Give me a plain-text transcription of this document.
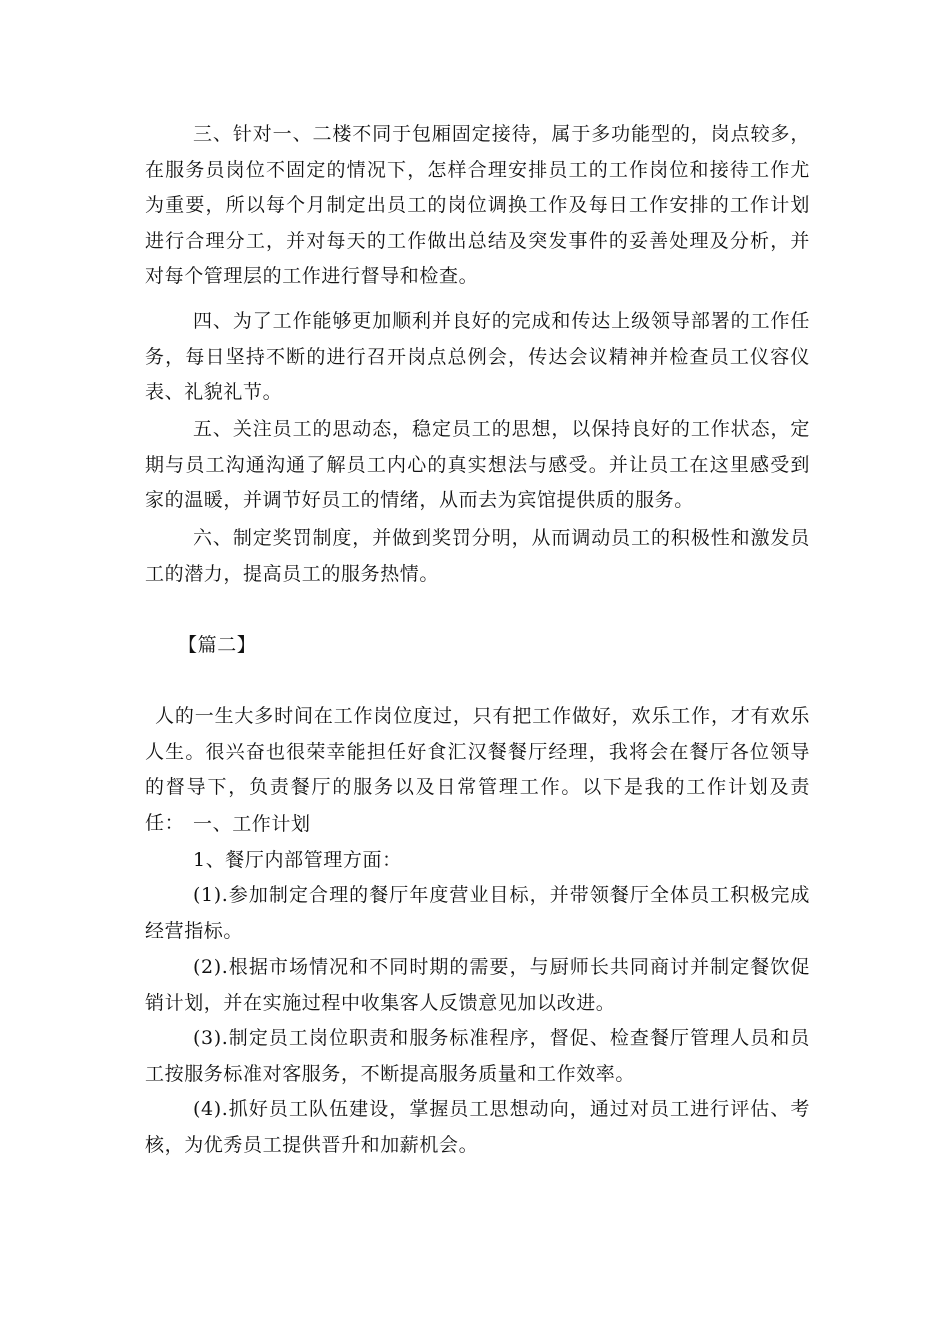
三、针对一、二楼不同于包厢固定接待，属于多功能型的，岗点较多，在服务员岗位不固定的情况下，怎样合理安排员工的工作岗位和接待工作尤为重要，所以每个月制定出员工的岗位调换工作及每日工作安排的工作计划进行合理分工，并对每天的工作做出总结及突发事件的妥善处理及分析，并对每个管理层的工作进行督导和检查。

四、为了工作能够更加顺利并良好的完成和传达上级领导部署的工作任务，每日坚持不断的进行召开岗点总例会，传达会议精神并检查员工仪容仪表、礼貌礼节。

五、关注员工的思动态，稳定员工的思想，以保持良好的工作状态，定期与员工沟通沟通了解员工内心的真实想法与感受。并让员工在这里感受到家的温暖，并调节好员工的情绪，从而去为宾馆提供质的服务。

六、制定奖罚制度，并做到奖罚分明，从而调动员工的积极性和激发员工的潜力，提高员工的服务热情。

【篇二】

人的一生大多时间在工作岗位度过，只有把工作做好，欢乐工作，才有欢乐人生。很兴奋也很荣幸能担任好食汇汉餐餐厅经理，我将会在餐厅各位领导的督导下，负责餐厅的服务以及日常管理工作。以下是我的工作计划及责任： 一、工作计划

1、餐厅内部管理方面：

(1).参加制定合理的餐厅年度营业目标，并带领餐厅全体员工积极完成经营指标。

(2).根据市场情况和不同时期的需要，与厨师长共同商讨并制定餐饮促销计划，并在实施过程中收集客人反馈意见加以改进。

(3).制定员工岗位职责和服务标准程序，督促、检查餐厅管理人员和员工按服务标准对客服务，不断提高服务质量和工作效率。

(4).抓好员工队伍建设，掌握员工思想动向，通过对员工进行评估、考核，为优秀员工提供晋升和加薪机会。
